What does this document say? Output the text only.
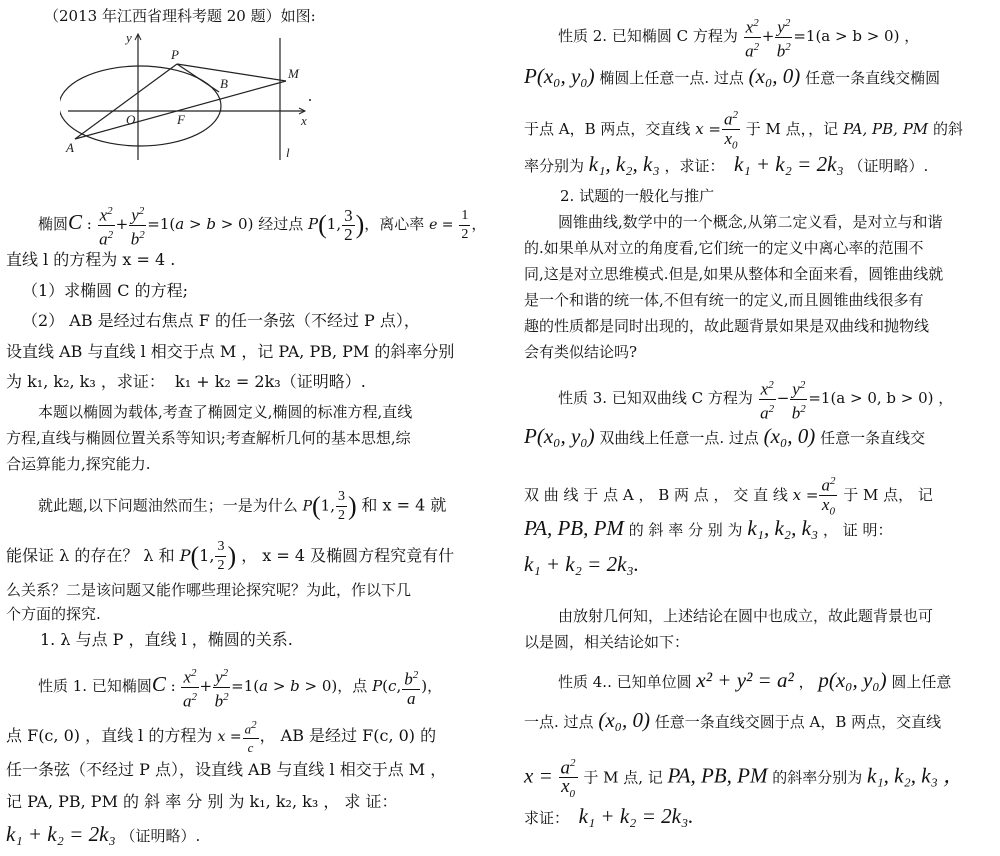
（2013 年江西省理科考题 20 题）如图:
y
P
M
B
O	F	x
A	l
椭圆C : $\frac{x^2}{a^2} + \frac{y^2}{b^2} =1(a > b > 0)$ 经过点 P(1, $\frac{3}{2}$ )，离心率 $e = \frac{1}{2}$ ，
直线 l 的方程为 x = 4 .
（1）求椭圆 C 的方程;
（2） AB 是经过右焦点 F 的任一条弦（不经过 P 点），
设直线 AB 与直线 l 相交于点 M ，记 PA, PB, PM 的斜率分别
为 k₁, k₂, k₃ ，求证： k₁ + k₂ = 2k₃（证明略）.
本题以椭圆为载体,考查了椭圆定义,椭圆的标准方程,直线
方程,直线与椭圆位置关系等知识;考查解析几何的基本思想,综
合运算能力,探究能力.
就此题,以下问题油然而生；一是为什么 P(1, $\frac{3}{2}$ ) 和 x = 4 就
能保证 λ 的存在？ λ 和 P(1, $\frac{3}{2}$ ) ， x = 4 及椭圆方程究竟有什
么关系？二是该问题又能作哪些理论探究呢？为此，作以下几
个方面的探究.
1. λ 与点 P ，直线 l ，椭圆的关系.
性质 1. 已知椭圆C : $\frac{x^2}{a^2} + \frac{y^2}{b^2} =1(a > b > 0)$，点 P(c, $\frac{b^2}{a}$ )，
点 F(c, 0) ，直线 l 的方程为 $x = \frac{a^2}{c}$ ， AB 是经过 F(c, 0) 的
任一条弦（不经过 P 点），设直线 AB 与直线 l 相交于点 M ，
记 PA, PB, PM 的 斜 率 分 别 为 k₁, k₂, k₃ ， 求 证：
k₁ + k₂ = 2k₃ （证明略）.
性质 2. 已知椭圆 C 方程为 $\frac{x^2}{a^2} + \frac{y^2}{b^2} =1(a > b > 0)$ ，
P(x₀, y₀) 椭圆上任意一点. 过点 (x₀, 0) 任意一条直线交椭圆
于点 A，B 两点，交直线 $x = \frac{a^2}{x_0}$ 于 M 点，，记 PA, PB, PM 的斜
率分别为 k₁, k₂, k₃ ，求证： k₁ + k₂ = 2k₃ （证明略）.
2. 试题的一般化与推广
圆锥曲线,数学中的一个概念,从第二定义看，是对立与和谐
的.如果单从对立的角度看,它们统一的定义中离心率的范围不
同,这是对立思维模式.但是,如果从整体和全面来看，圆锥曲线就
是一个和谐的统一体,不但有统一的定义,而且圆锥曲线很多有
趣的性质都是同时出现的，故此题背景如果是双曲线和抛物线
会有类似结论吗?
性质 3. 已知双曲线 C 方程为 $\frac{x^2}{a^2} - \frac{y^2}{b^2} =1(a > 0$, b > 0) ，
P(x₀, y₀) 双曲线上任意一点. 过点 (x₀, 0) 任意一条直线交
双 曲 线 于 点 A ， B 两 点 ， 交 直 线 $x = \frac{a^2}{x_0}$ 于 M 点， 记
PA, PB, PM 的 斜 率 分 别 为 k₁, k₂, k₃ ， 证 明：
k₁ + k₂ = 2k₃.
由放射几何知，上述结论在圆中也成立，故此题背景也可
以是圆，相关结论如下：
性质 4.. 已知单位圆 x² + y² = a² ， p(x₀, y₀) 圆上任意
一点. 过点 (x₀, 0) 任意一条直线交圆于点 A，B 两点，交直线
$x = \frac{a^2}{x_0}$ 于 M 点, 记 PA, PB, PM 的斜率分别为 k₁, k₂, k₃ ，
求证： k₁ + k₂ = 2k₃.
